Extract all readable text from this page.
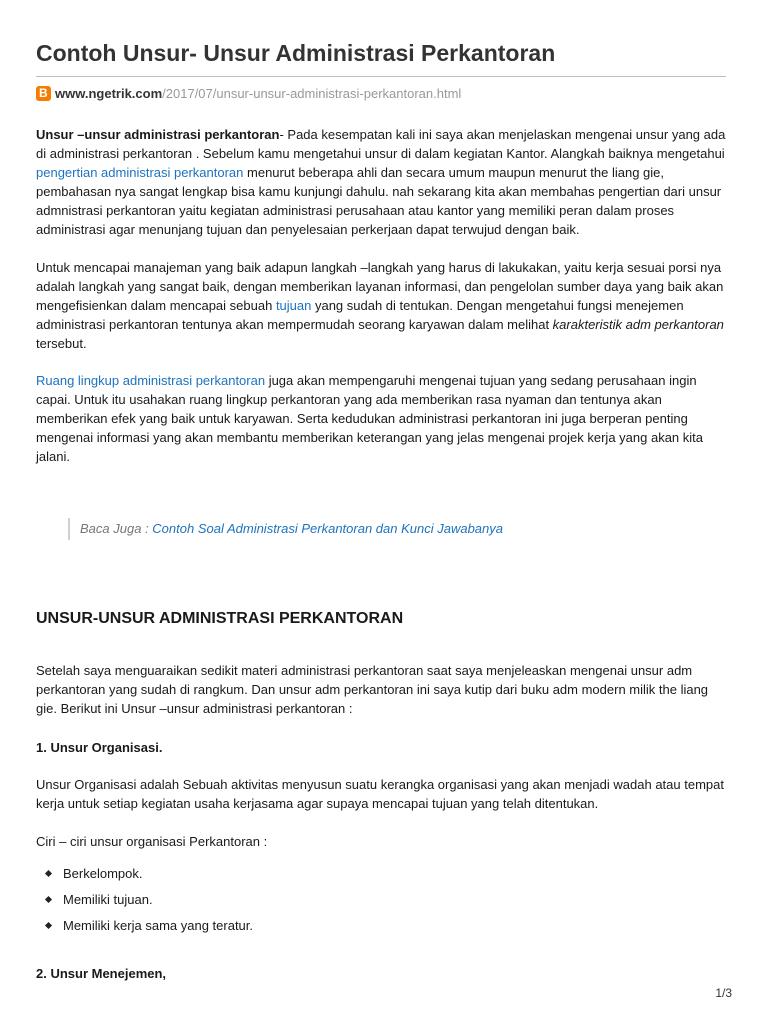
Contoh Unsur- Unsur Administrasi Perkantoran
B
www.ngetrik.com /2017/07/unsur-unsur-administrasi-perkantoran.html

Unsur –unsur administrasi perkantoran- Pada kesempatan kali ini saya akan menjelaskan mengenai unsur yang ada di administrasi perkantoran . Sebelum kamu mengetahui unsur di dalam kegiatan Kantor. Alangkah baiknya mengetahui pengertian administrasi perkantoran menurut beberapa ahli dan secara umum maupun menurut the liang gie, pembahasan nya sangat lengkap bisa kamu kunjungi dahulu. nah sekarang kita akan membahas pengertian dari unsur admnistrasi perkantoran yaitu kegiatan administrasi perusahaan atau kantor yang memiliki peran dalam proses administrasi agar menunjang tujuan dan penyelesaian perkerjaan dapat terwujud dengan baik.

Untuk mencapai manajeman yang baik adapun langkah –langkah yang harus di lakukakan, yaitu kerja sesuai porsi nya adalah langkah yang sangat baik, dengan memberikan layanan informasi, dan pengelolan sumber daya yang baik akan mengefisienkan dalam mencapai sebuah tujuan yang sudah di tentukan. Dengan mengetahui fungsi menejemen administrasi perkantoran tentunya akan mempermudah seorang karyawan dalam melihat karakteristik adm perkantoran tersebut.

Ruang lingkup administrasi perkantoran juga akan mempengaruhi mengenai tujuan yang sedang perusahaan ingin capai. Untuk itu usahakan ruang lingkup perkantoran yang ada memberikan rasa nyaman dan tentunya akan memberikan efek yang baik untuk karyawan. Serta kedudukan administrasi perkantoran ini juga berperan penting mengenai informasi yang akan membantu memberikan keterangan yang jelas mengenai projek kerja yang akan kita jalani.

Baca Juga : Contoh Soal Administrasi Perkantoran dan Kunci Jawabanya
UNSUR-UNSUR ADMINISTRASI PERKANTORAN

Setelah saya menguaraikan sedikit materi administrasi perkantoran saat saya menjeleaskan mengenai unsur adm perkantoran yang sudah di rangkum. Dan unsur adm perkantoran ini saya kutip dari buku adm modern milik the liang gie. Berikut ini Unsur –unsur administrasi perkantoran :

1. Unsur Organisasi.

Unsur Organisasi adalah Sebuah aktivitas menyusun suatu kerangka organisasi yang akan menjadi wadah atau tempat kerja untuk setiap kegiatan usaha kerjasama agar supaya mencapai tujuan yang telah ditentukan.

Ciri – ciri unsur organisasi Perkantoran :

Berkelompok.
Memiliki tujuan.
Memiliki kerja sama yang teratur.
2. Unsur Menejemen,
1/3
